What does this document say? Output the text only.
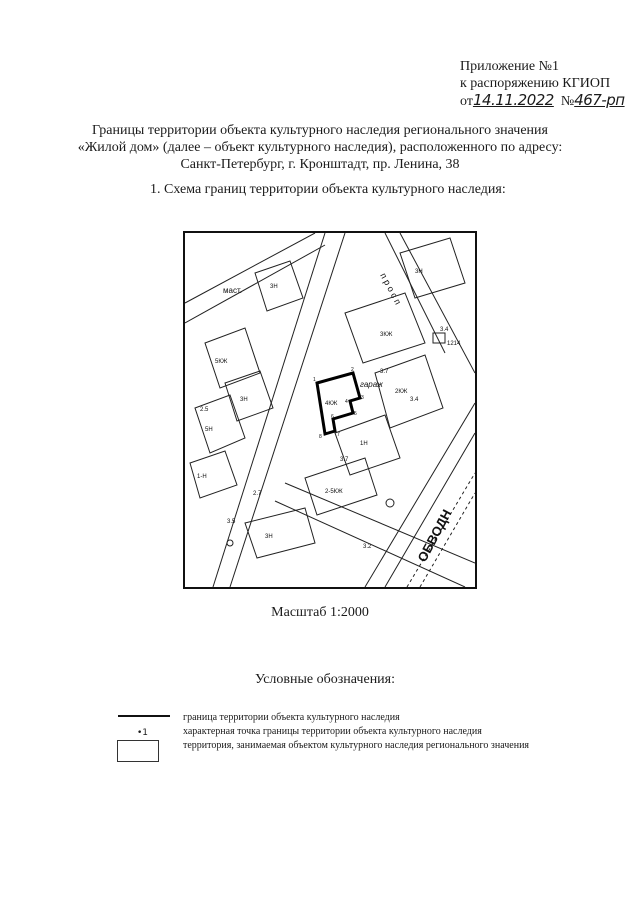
Приложение №1
к распоряжению КГИОП
от14.11.2022 №467-рп
Границы территории объекта культурного наследия регионального значения
«Жилой дом» (далее – объект культурного наследия), расположенного по адресу:
Санкт-Петербург, г. Кронштадт, пр. Ленина, 38
1. Схема границ территории объекта культурного наследия:
маст.
гараж
п р о с п
ОБВОДН
3КЖ
2КЖ
5КЖ
3Н
3Н
1Н
2-5КЖ
5Н
3Н
3Н
1-Н
4КЖ
1214
3.4
3.7
2.5
3.4
2.7
3.2
3.7
3.5
1
2
3
4
5
6
7
8
Масштаб 1:2000
Условные обозначения:
•1
граница территории объекта культурного наследия
характерная точка границы территории объекта культурного наследия
территория, занимаемая объектом культурного наследия регионального значения
